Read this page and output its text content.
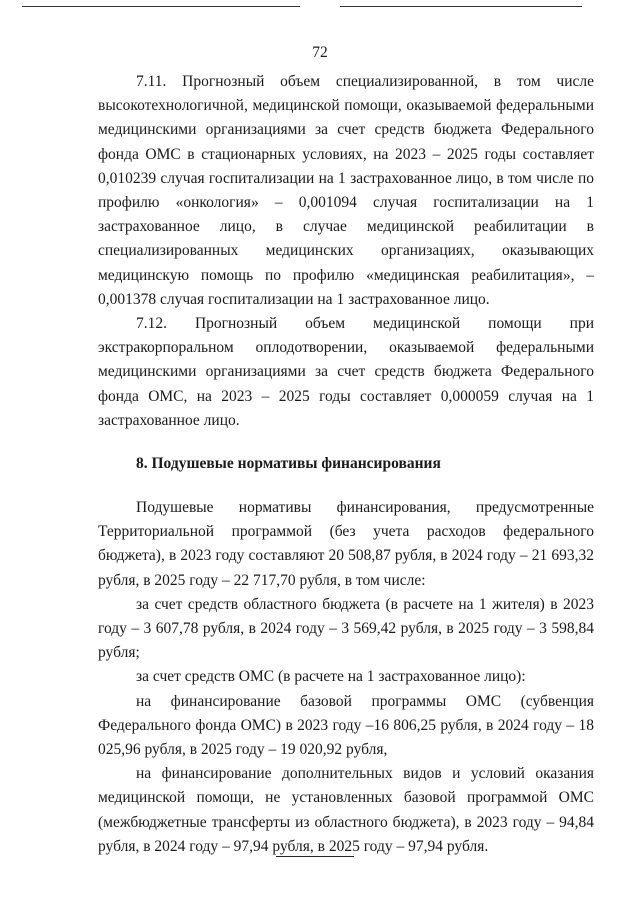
72

7.11. Прогнозный объем специализированной, в том числе высокотехнологичной, медицинской помощи, оказываемой федеральными медицинскими организациями за счет средств бюджета Федерального фонда ОМС в стационарных условиях, на 2023 – 2025 годы составляет 0,010239 случая госпитализации на 1 застрахованное лицо, в том числе по профилю «онкология» – 0,001094 случая госпитализации на 1 застрахованное лицо, в случае медицинской реабилитации в специализированных медицинских организациях, оказывающих медицинскую помощь по профилю «медицинская реабилитация», – 0,001378 случая госпитализации на 1 застрахованное лицо.

7.12. Прогнозный объем медицинской помощи при экстракорпоральном оплодотворении, оказываемой федеральными медицинскими организациями за счет средств бюджета Федерального фонда ОМС, на 2023 – 2025 годы составляет 0,000059 случая на 1 застрахованное лицо.

8. Подушевые нормативы финансирования

Подушевые нормативы финансирования, предусмотренные Территориальной программой (без учета расходов федерального бюджета), в 2023 году составляют 20 508,87 рубля, в 2024 году – 21 693,32 рубля, в 2025 году – 22 717,70 рубля, в том числе:

за счет средств областного бюджета (в расчете на 1 жителя) в 2023 году – 3 607,78 рубля, в 2024 году – 3 569,42 рубля, в 2025 году – 3 598,84 рубля;

за счет средств ОМС (в расчете на 1 застрахованное лицо):

на финансирование базовой программы ОМС (субвенция Федерального фонда ОМС) в 2023 году –16 806,25 рубля, в 2024 году – 18 025,96 рубля, в 2025 году – 19 020,92 рубля,

на финансирование дополнительных видов и условий оказания медицинской помощи, не установленных базовой программой ОМС (межбюджетные трансферты из областного бюджета), в 2023 году – 94,84 рубля, в 2024 году – 97,94 рубля, в 2025 году – 97,94 рубля.
